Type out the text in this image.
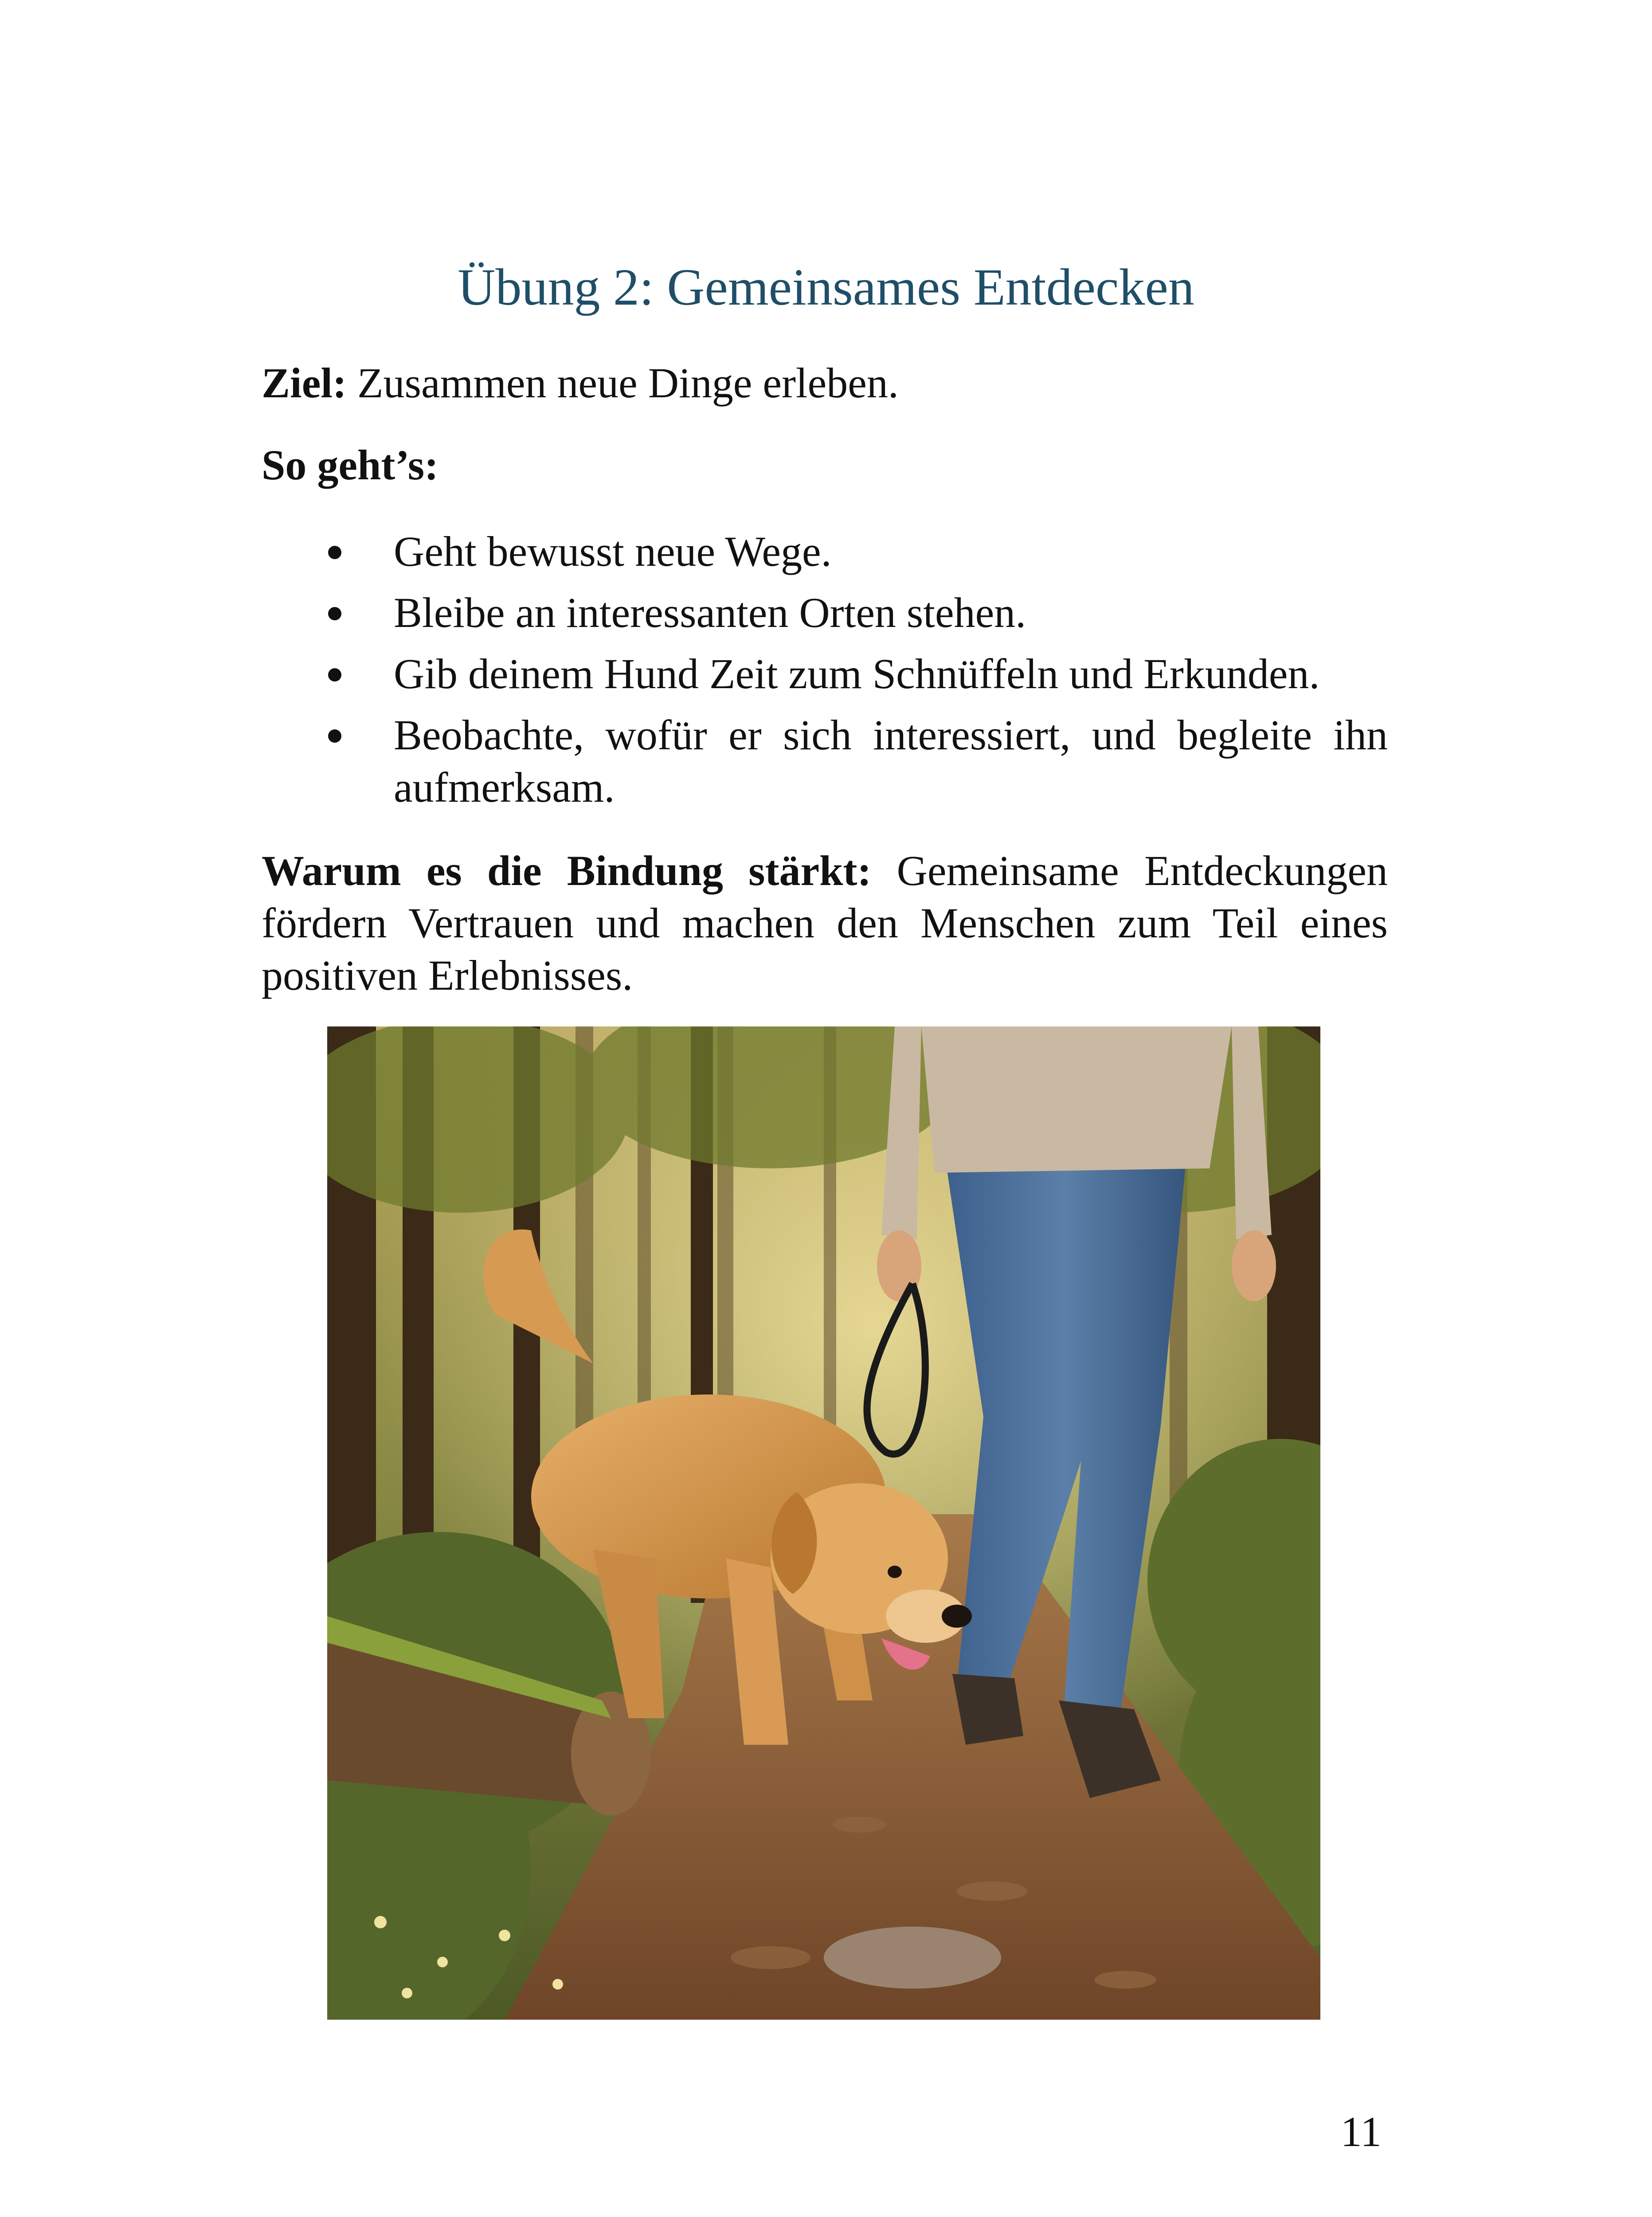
Übung 2: Gemeinsames Entdecken
Ziel: Zusammen neue Dinge erleben.
So geht’s:
Geht bewusst neue Wege.
Bleibe an interessanten Orten stehen.
Gib deinem Hund Zeit zum Schnüffeln und Erkunden.
Beobachte, wofür er sich interessiert, und begleite ihn aufmerksam.
Warum es die Bindung stärkt: Gemeinsame Entdeckungen fördern Vertrauen und machen den Menschen zum Teil eines positiven Erlebnisses.
11
